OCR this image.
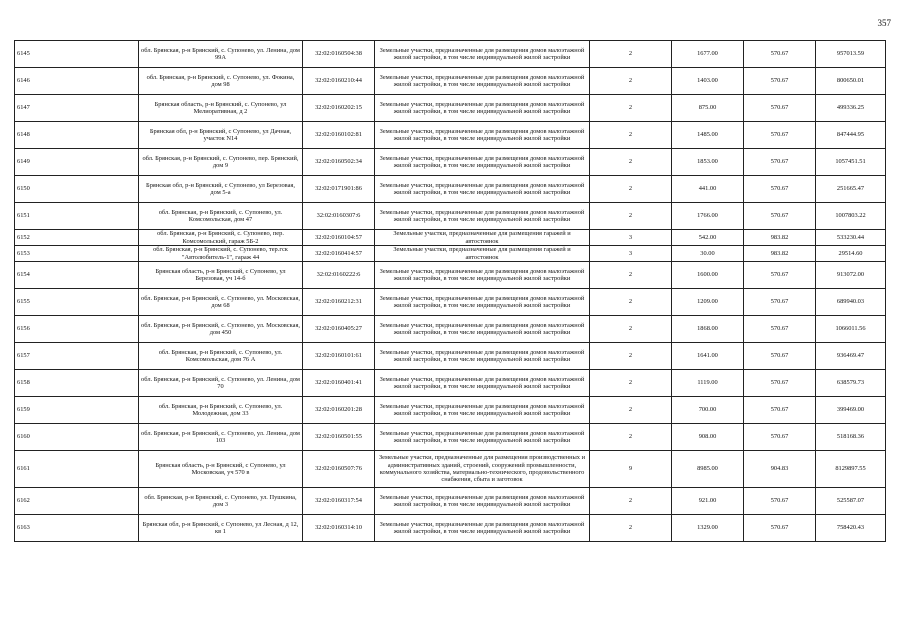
357
6145	обл. Брянская, р-н Брянский, с. Супонево, ул. Ленина, дом 99А	32:02:0160504:38	Земельные участки, предназначенные для размещения домов малоэтажной жилой застройки, в том числе индивидуальной жилой застройки	2	1677.00	570.67	957013.59
6146	обл. Брянская, р-н Брянский, с. Супонево, ул. Фокина, дом 98	32:02:0160210:44	Земельные участки, предназначенные для размещения домов малоэтажной жилой застройки, в том числе индивидуальной жилой застройки	2	1403.00	570.67	800650.01
6147	Брянская область, р-н Брянский, с. Супонево, ул Мелиоративная, д 2	32:02:0160202:15	Земельные участки, предназначенные для размещения домов малоэтажной жилой застройки, в том числе индивидуальной жилой застройки	2	875.00	570.67	499336.25
6148	Брянская обл, р-н Брянский, с Супонево, ул Дачная, участок N14	32:02:0160102:81	Земельные участки, предназначенные для размещения домов малоэтажной жилой застройки, в том числе индивидуальной жилой застройки	2	1485.00	570.67	847444.95
6149	обл. Брянская, р-н Брянский, с. Супонево, пер. Брянский, дом 9	32:02:0160502:34	Земельные участки, предназначенные для размещения домов малоэтажной жилой застройки, в том числе индивидуальной жилой застройки	2	1853.00	570.67	1057451.51
6150	Брянская обл, р-н Брянский, с Супонево, ул Березовая, дом 5-а	32:02:0171901:86	Земельные участки, предназначенные для размещения домов малоэтажной жилой застройки, в том числе индивидуальной жилой застройки	2	441.00	570.67	251665.47
6151	обл. Брянская, р-н Брянский, с. Супонево, ул. Комсомольская, дом 47	32:02:0160307:6	Земельные участки, предназначенные для размещения домов малоэтажной жилой застройки, в том числе индивидуальной жилой застройки	2	1766.00	570.67	1007803.22
6152	обл. Брянская, р-н Брянский, с. Супонево, пер. Комсомольский, гараж 5Б-2	32:02:0160104:57	Земельные участки, предназначенные для размещения гаражей и автостоянок	3	542.00	983.82	533230.44
6153	обл. Брянская, р-н Брянский, с. Супонево, тер.гск "Автолюбитель-1", гараж 44	32:02:0160414:57	Земельные участки, предназначенные для размещения гаражей и автостоянок	3	30.00	983.82	29514.60
6154	Брянская область, р-н Брянский, с Супонево, ул Березовая, уч 14-б	32:02:0160222:6	Земельные участки, предназначенные для размещения домов малоэтажной жилой застройки, в том числе индивидуальной жилой застройки	2	1600.00	570.67	913072.00
6155	обл. Брянская, р-н Брянский, с. Супонево, ул. Московская, дом 68	32:02:0160212:31	Земельные участки, предназначенные для размещения домов малоэтажной жилой застройки, в том числе индивидуальной жилой застройки	2	1209.00	570.67	689940.03
6156	обл. Брянская, р-н Брянский, с. Супонево, ул. Московская, дом 450	32:02:0160405:27	Земельные участки, предназначенные для размещения домов малоэтажной жилой застройки, в том числе индивидуальной жилой застройки	2	1868.00	570.67	1066011.56
6157	обл. Брянская, р-н Брянский, с. Супонево, ул. Комсомольская, дом 76 А	32:02:0160101:61	Земельные участки, предназначенные для размещения домов малоэтажной жилой застройки, в том числе индивидуальной жилой застройки	2	1641.00	570.67	936469.47
6158	обл. Брянская, р-н Брянский, с. Супонево, ул. Ленина, дом 70	32:02:0160401:41	Земельные участки, предназначенные для размещения домов малоэтажной жилой застройки, в том числе индивидуальной жилой застройки	2	1119.00	570.67	638579.73
6159	обл. Брянская, р-н Брянский, с. Супонево, ул. Молодежная, дом 33	32:02:0160201:28	Земельные участки, предназначенные для размещения домов малоэтажной жилой застройки, в том числе индивидуальной жилой застройки	2	700.00	570.67	399469.00
6160	обл. Брянская, р-н Брянский, с. Супонево, ул. Ленина, дом 103	32:02:0160501:55	Земельные участки, предназначенные для размещения домов малоэтажной жилой застройки, в том числе индивидуальной жилой застройки	2	908.00	570.67	518168.36
6161	Брянская область, р-н Брянский, с Супонево, ул Московская, уч 570 в	32:02:0160507:76	Земельные участки, предназначенные для размещения производственных и административных зданий, строений, сооружений промышленности, коммунального хозяйства, материально-технического, продовольственного снабжения, сбыта и заготовок	9	8985.00	904.83	8129897.55
6162	обл. Брянская, р-н Брянский, с. Супонево, ул. Пушкина, дом 3	32:02:0160317:54	Земельные участки, предназначенные для размещения домов малоэтажной жилой застройки, в том числе индивидуальной жилой застройки	2	921.00	570.67	525587.07
6163	Брянская обл, р-н Брянский, с Супонево, ул Лесная, д 12, кв 1	32:02:0160314:10	Земельные участки, предназначенные для размещения домов малоэтажной жилой застройки, в том числе индивидуальной жилой застройки	2	1329.00	570.67	758420.43
